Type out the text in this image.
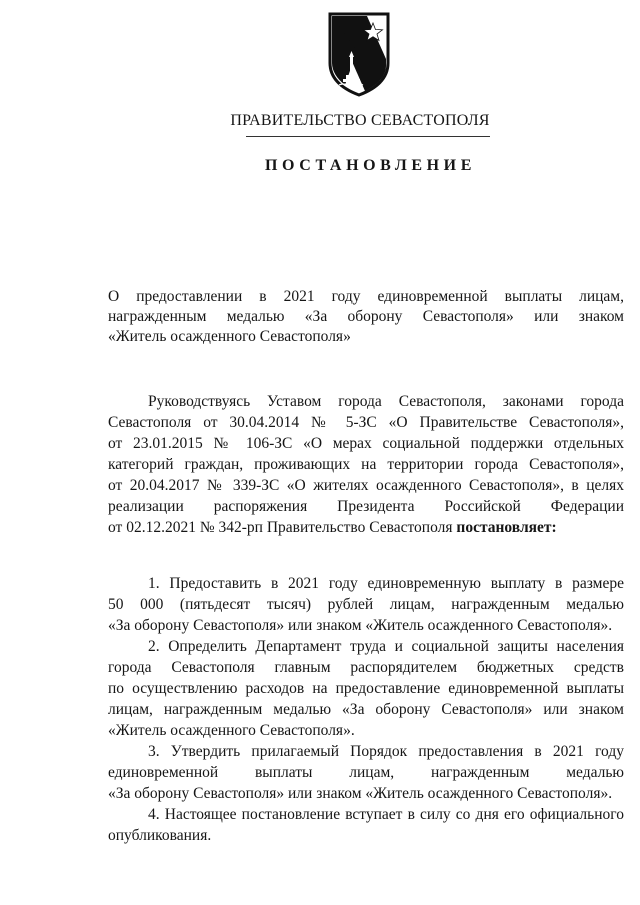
ПРАВИТЕЛЬСТВО СЕВАСТОПОЛЯ
ПОСТАНОВЛЕНИЕ
О предоставлении в 2021 году единовременной выплаты лицам,
награжденным медалью «За оборону Севастополя» или знаком
«Житель осажденного Севастополя»
Руководствуясь Уставом города Севастополя, законами города
Севастополя от 30.04.2014 № 5-ЗС «О Правительстве Севастополя»,
от 23.01.2015 № 106-ЗС «О мерах социальной поддержки отдельных
категорий граждан, проживающих на территории города Севастополя»,
от 20.04.2017 № 339-ЗС «О жителях осажденного Севастополя», в целях
реализации распоряжения Президента Российской Федерации
от 02.12.2021 № 342-рп Правительство Севастополя постановляет:
1. Предоставить в 2021 году единовременную выплату в размере
50 000 (пятьдесят тысяч) рублей лицам, награжденным медалью
«За оборону Севастополя» или знаком «Житель осажденного Севастополя».
2. Определить Департамент труда и социальной защиты населения
города Севастополя главным распорядителем бюджетных средств
по осуществлению расходов на предоставление единовременной выплаты
лицам, награжденным медалью «За оборону Севастополя» или знаком
«Житель осажденного Севастополя».
3. Утвердить прилагаемый Порядок предоставления в 2021 году
единовременной выплаты лицам, награжденным медалью
«За оборону Севастополя» или знаком «Житель осажденного Севастополя».
4. Настоящее постановление вступает в силу со дня его официального
опубликования.
